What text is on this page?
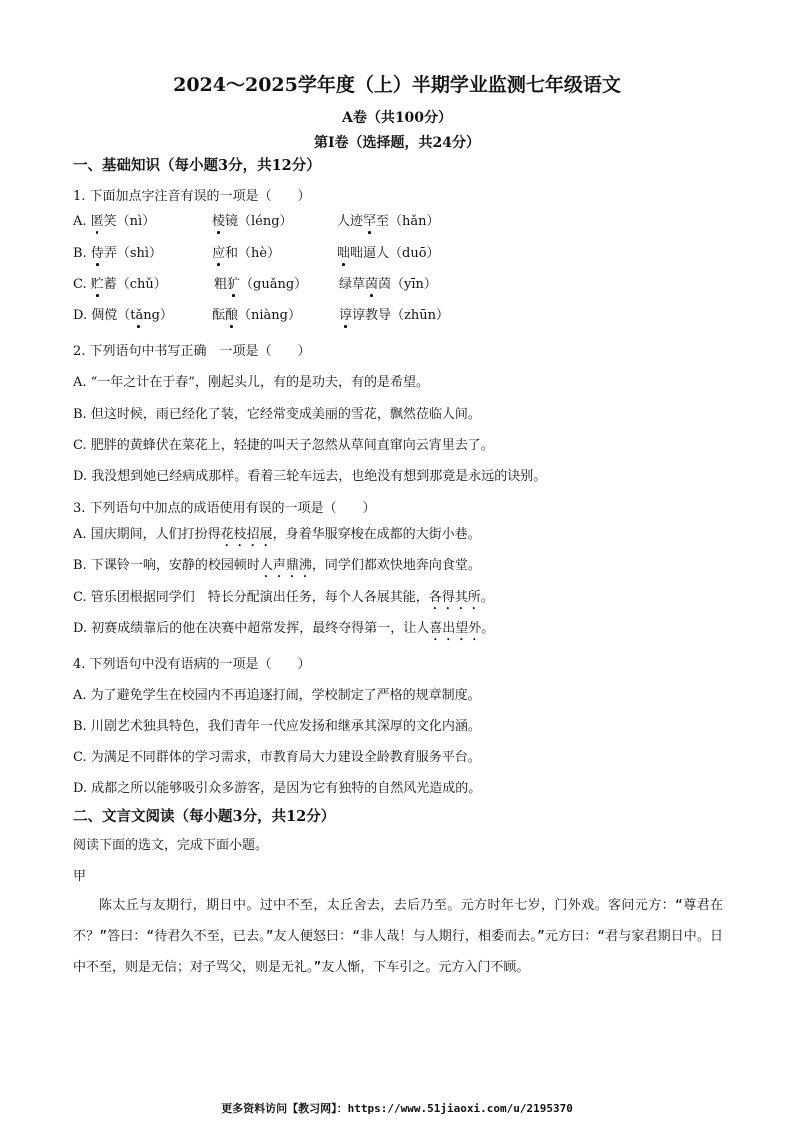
2024～2025学年度（上）半期学业监测七年级语文
A卷（共100分）
第Ⅰ卷（选择题，共24分）
一、基础知识（每小题3分，共12分）
1. 下面加点字注音有误的一项是（　　）
A. 匿笑（nì）	棱镜（léng）	人迹罕至（hǎn）
B. 侍弄（shì）	应和（hè）	咄咄逼人（duō）
C. 贮蓄（chǔ）	粗犷（guǎng） 绿草茵茵（yīn）
D. 倜傥（tǎng）	酝酿（niàng）	谆谆教导（zhūn）
2. 下列语句中书写正确　一项是（　　）
A. “一年之计在于春”，刚起头儿，有的是功夫，有的是希望。
B. 但这时候，雨已经化了装，它经常变成美丽的雪花，飘然莅临人间。
C. 肥胖的黄蜂伏在菜花上，轻捷的叫天子忽然从草间直窜向云宵里去了。
D. 我没想到她已经病成那样。看着三轮车远去，也绝没有想到那竟是永远的诀别。
3. 下列语句中加点的成语使用有误的一项是（　　）
A. 国庆期间，人们打扮得花枝招展，身着华服穿梭在成都的大街小巷。
B. 下课铃一响，安静的校园顿时人声鼎沸，同学们都欢快地奔向食堂。
C. 管乐团根据同学们　特长分配演出任务，每个人各展其能，各得其所。
D. 初赛成绩靠后的他在决赛中超常发挥，最终夺得第一，让人喜出望外。
4. 下列语句中没有语病的一项是（　　）
A. 为了避免学生在校园内不再追逐打闹，学校制定了严格的规章制度。
B. 川剧艺术独具特色，我们青年一代应发扬和继承其深厚的文化内涵。
C. 为满足不同群体的学习需求，市教育局大力建设全龄教育服务平台。
D. 成都之所以能够吸引众多游客，是因为它有独特的自然风光造成的。
二、文言文阅读（每小题3分，共12分）
阅读下面的选文，完成下面小题。
甲

陈太丘与友期行，期日中。过中不至，太丘舍去，去后乃至。元方时年七岁，门外戏。客问元方：“尊君在不？”答曰：“待君久不至，已去。”友人便怒曰：“非人哉！与人期行，相委而去。”元方曰：“君与家君期日中。日中不至，则是无信；对子骂父，则是无礼。”友人惭，下车引之。元方入门不顾。

更多资料访问【教习网】：https://www.51jiaoxi.com/u/2195370
